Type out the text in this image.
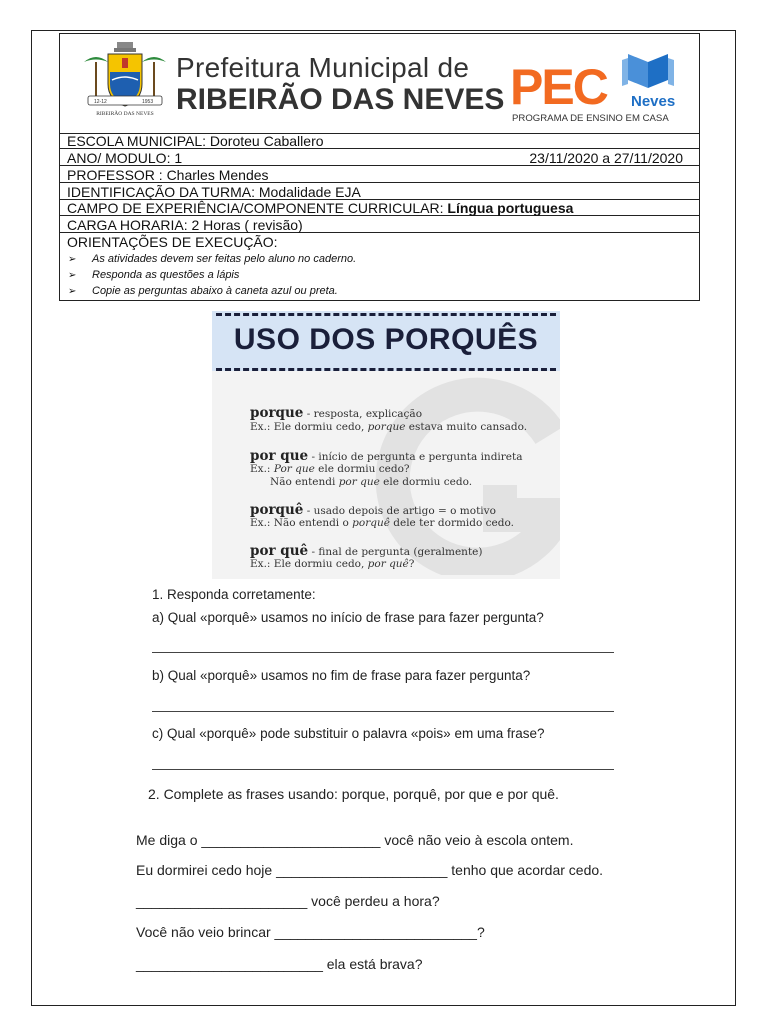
12-12	1953
RIBEIRÃO DAS NEVES
Prefeitura Municipal de
RIBEIRÃO DAS NEVES PEC Neves
PROGRAMA DE ENSINO EM CASA
ESCOLA MUNICIPAL: Doroteu Caballero
ANO/ MODULO: 1	23/11/2020 a 27/11/2020
PROFESSOR : Charles Mendes
IDENTIFICAÇÃO DA TURMA: Modalidade EJA
CAMPO DE EXPERIÊNCIA/COMPONENTE CURRICULAR: Língua portuguesa
CARGA HORARIA: 2 Horas ( revisão)
ORIENTAÇÕES DE EXECUÇÃO:
➢ As atividades devem ser feitas pelo aluno no caderno.
➢ Responda as questões a lápis
➢ Copie as perguntas abaixo à caneta azul ou preta.
USO DOS PORQUÊS
porque - resposta, explicação
Ex.: Ele dormiu cedo, porque estava muito cansado.
por que - início de pergunta e pergunta indireta
Ex.: Por que ele dormiu cedo?
Não entendi por que ele dormiu cedo.
porquê - usado depois de artigo = o motivo
Ex.: Não entendi o porquê dele ter dormido cedo.
por quê - final de pergunta (geralmente)
Ex.: Ele dormiu cedo, por quê?
1. Responda corretamente:
a) Qual «porquê» usamos no início de frase para fazer pergunta?
b) Qual «porquê» usamos no fim de frase para fazer pergunta?
c) Qual «porquê» pode substituir o palavra «pois» em uma frase?
2. Complete as frases usando: porque, porquê, por que e por quê.
Me diga o _______________________ você não veio à escola ontem.
Eu dormirei cedo hoje ______________________ tenho que acordar cedo.
______________________ você perdeu a hora?
Você não veio brincar __________________________?
________________________ ela está brava?
